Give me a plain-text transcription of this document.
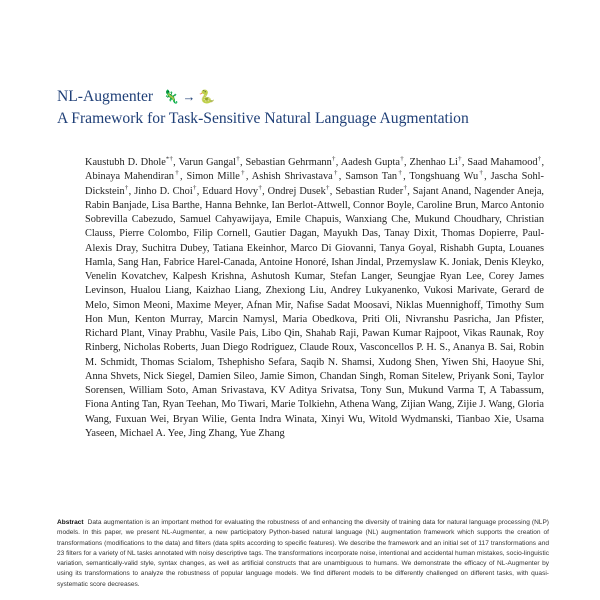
NL-Augmenter 🦎 → 🐍
A Framework for Task-Sensitive Natural Language Augmentation
Kaustubh D. Dhole*†, Varun Gangal†, Sebastian Gehrmann†, Aadesh Gupta†, Zhenhao Li†, Saad Mahamood†, Abinaya Mahendiran†, Simon Mille†, Ashish Shrivastava†, Samson Tan†, Tongshuang Wu†, Jascha Sohl-Dickstein†, Jinho D. Choi†, Eduard Hovy†, Ondrej Dusek†, Sebastian Ruder†, Sajant Anand, Nagender Aneja, Rabin Banjade, Lisa Barthe, Hanna Behnke, Ian Berlot-Attwell, Connor Boyle, Caroline Brun, Marco Antonio Sobrevilla Cabezudo, Samuel Cahyawijaya, Emile Chapuis, Wanxiang Che, Mukund Choudhary, Christian Clauss, Pierre Colombo, Filip Cornell, Gautier Dagan, Mayukh Das, Tanay Dixit, Thomas Dopierre, Paul-Alexis Dray, Suchitra Dubey, Tatiana Ekeinhor, Marco Di Giovanni, Tanya Goyal, Rishabh Gupta, Louanes Hamla, Sang Han, Fabrice Harel-Canada, Antoine Honoré, Ishan Jindal, Przemyslaw K. Joniak, Denis Kleyko, Venelin Kovatchev, Kalpesh Krishna, Ashutosh Kumar, Stefan Langer, Seungjae Ryan Lee, Corey James Levinson, Hualou Liang, Kaizhao Liang, Zhexiong Liu, Andrey Lukyanenko, Vukosi Marivate, Gerard de Melo, Simon Meoni, Maxime Meyer, Afnan Mir, Nafise Sadat Moosavi, Niklas Muennighoff, Timothy Sum Hon Mun, Kenton Murray, Marcin Namysl, Maria Obedkova, Priti Oli, Nivranshu Pasricha, Jan Pfister, Richard Plant, Vinay Prabhu, Vasile Pais, Libo Qin, Shahab Raji, Pawan Kumar Rajpoot, Vikas Raunak, Roy Rinberg, Nicholas Roberts, Juan Diego Rodriguez, Claude Roux, Vasconcellos P. H. S., Ananya B. Sai, Robin M. Schmidt, Thomas Scialom, Tshephisho Sefara, Saqib N. Shamsi, Xudong Shen, Yiwen Shi, Haoyue Shi, Anna Shvets, Nick Siegel, Damien Sileo, Jamie Simon, Chandan Singh, Roman Sitelew, Priyank Soni, Taylor Sorensen, William Soto, Aman Srivastava, KV Aditya Srivatsa, Tony Sun, Mukund Varma T, A Tabassum, Fiona Anting Tan, Ryan Teehan, Mo Tiwari, Marie Tolkiehn, Athena Wang, Zijian Wang, Zijie J. Wang, Gloria Wang, Fuxuan Wei, Bryan Wilie, Genta Indra Winata, Xinyi Wu, Witold Wydmanski, Tianbao Xie, Usama Yaseen, Michael A. Yee, Jing Zhang, Yue Zhang
Abstract Data augmentation is an important method for evaluating the robustness of and enhancing the diversity of training data for natural language processing (NLP) models. In this paper, we present NL-Augmenter, a new participatory Python-based natural language (NL) augmentation framework which supports the creation of transformations (modifications to the data) and filters (data splits according to specific features). We describe the framework and an initial set of 117 transformations and 23 filters for a variety of NL tasks annotated with noisy descriptive tags. The transformations incorporate noise, intentional and accidental human mistakes, socio-linguistic variation, semantically-valid style, syntax changes, as well as artificial constructs that are unambiguous to humans. We demonstrate the efficacy of NL-Augmenter by using its transformations to analyze the robustness of popular language models. We find different models to be differently challenged on different tasks, with quasi-systematic score decreases.
